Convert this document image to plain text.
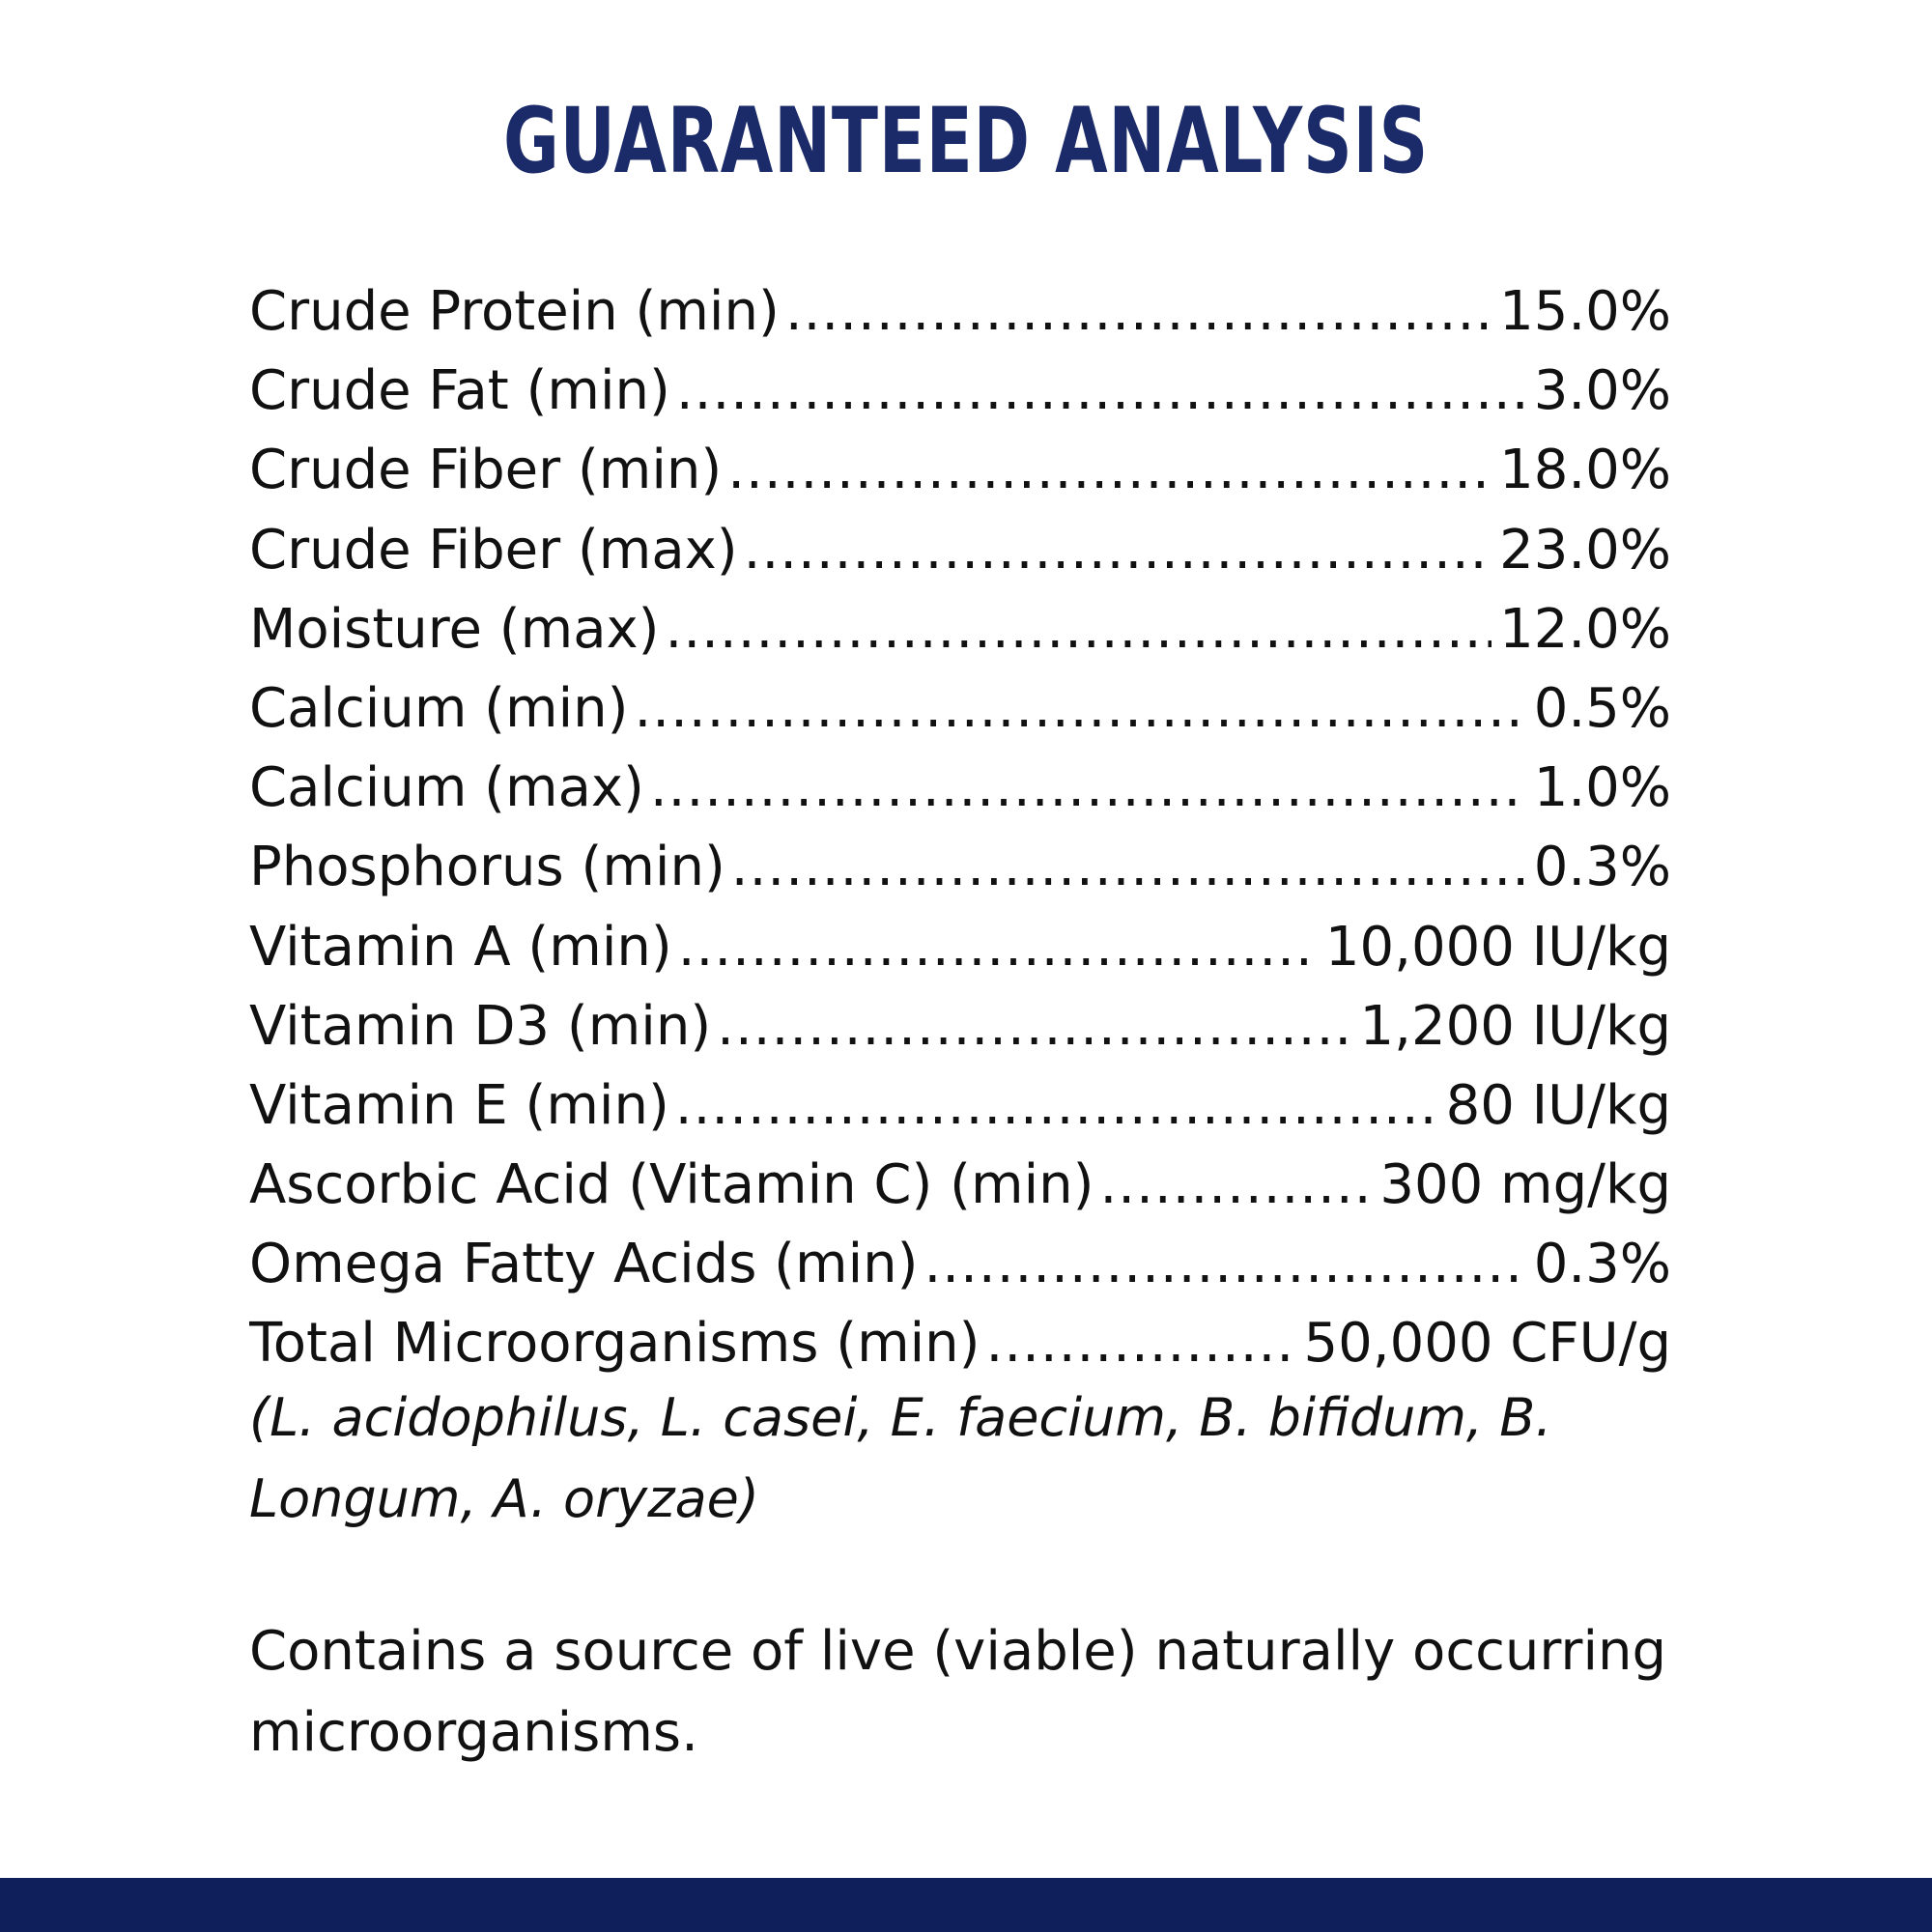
GUARANTEED ANALYSIS
Crude Protein (min) .....	15.0%
Crude Fat (min) .....	3.0%
Crude Fiber (min) .....	18.0%
Crude Fiber (max) .....	23.0%
Moisture (max) .....	12.0%
Calcium (min) .....	0.5%
Calcium (max) .....	1.0%
Phosphorus (min) .....	0.3%
Vitamin A (min) .....	10,000 IU/kg
Vitamin D3 (min) .....	1,200 IU/kg
Vitamin E (min) .....	80 IU/kg
Ascorbic Acid (Vitamin C) (min) .....	300 mg/kg
Omega Fatty Acids (min) .....	0.3%
Total Microorganisms (min) .....	50,000 CFU/g
(L. acidophilus, L. casei, E. faecium, B. bifidum, B. Longum, A. oryzae)
Contains a source of live (viable) naturally occurring microorganisms.
